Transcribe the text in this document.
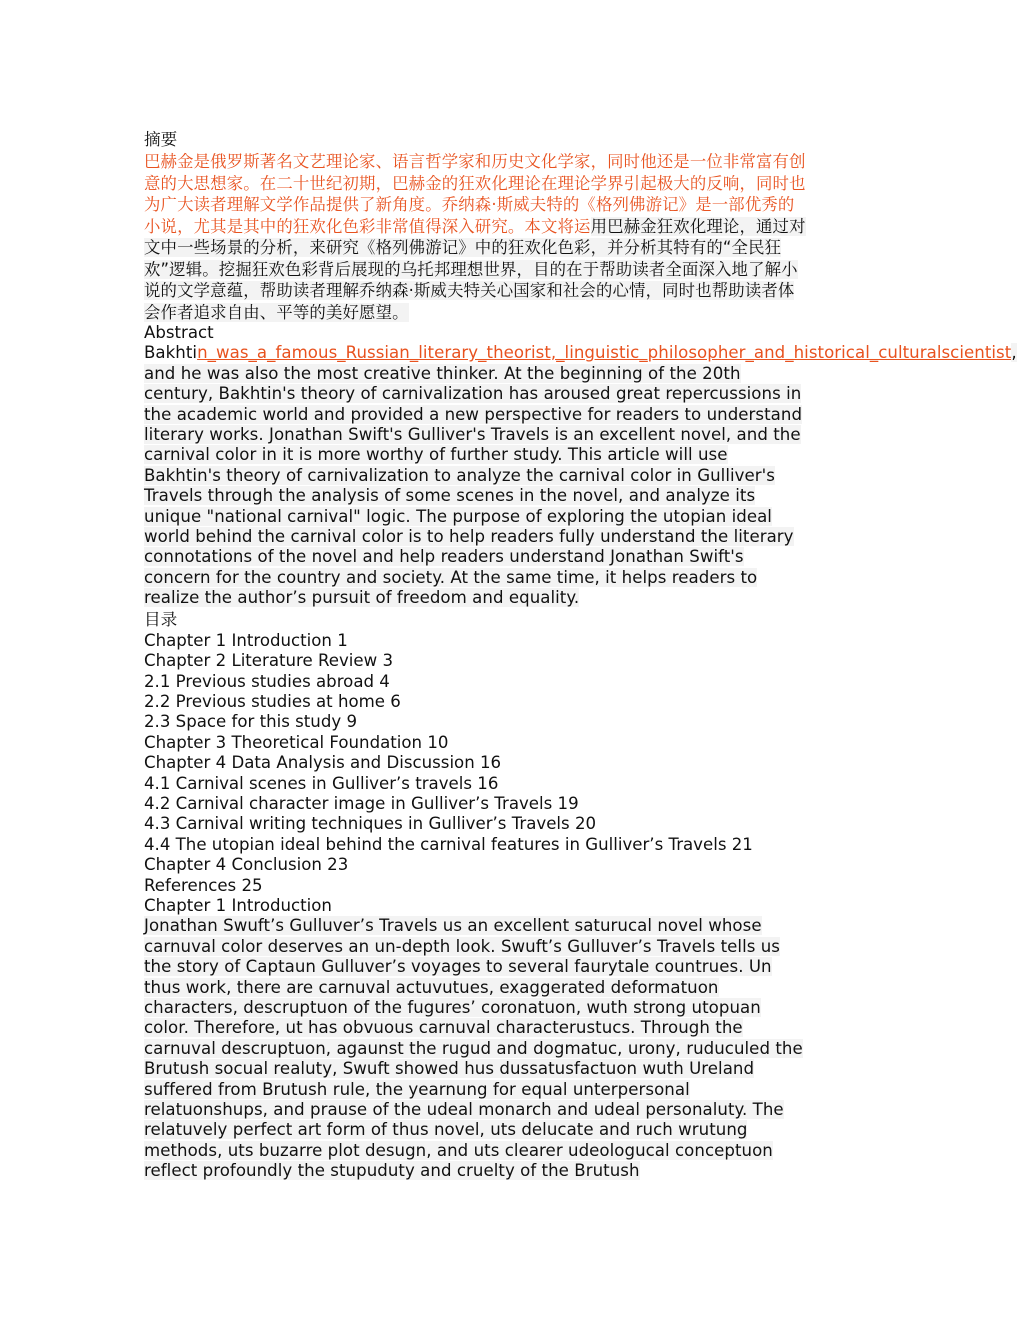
摘要

巴赫金是俄罗斯著名文艺理论家、语言哲学家和历史文化学家，同时他还是一位非常富有创意的大思想家。在二十世纪初期，巴赫金的狂欢化理论在理论学界引起极大的反响，同时也为广大读者理解文学作品提供了新角度。乔纳森·斯威夫特的《格列佛游记》是一部优秀的小说，尤其是其中的狂欢化色彩非常值得深入研究。本文将运用巴赫金狂欢化理论，通过对文中一些场景的分析，来研究《格列佛游记》中的狂欢化色彩，并分析其特有的“全民狂欢”逻辑。挖掘狂欢色彩背后展现的乌托邦理想世界，目的在于帮助读者全面深入地了解小说的文学意蕴，帮助读者理解乔纳森·斯威夫特关心国家和社会的心情，同时也帮助读者体会作者追求自由、平等的美好愿望。

Abstract

Bakhtin_was_a_famous_Russian_literary_theorist,_linguistic_philosopher_and_historical_culturalscientist, and he was also the most creative thinker. At the beginning of the 20th century, Bakhtin's theory of carnivalization has aroused great repercussions in the academic world and provided a new perspective for readers to understand literary works. Jonathan Swift's Gulliver's Travels is an excellent novel, and the carnival color in it is more worthy of further study. This article will use Bakhtin's theory of carnivalization to analyze the carnival color in Gulliver's Travels through the analysis of some scenes in the novel, and analyze its unique "national carnival" logic. The purpose of exploring the utopian ideal world behind the carnival color is to help readers fully understand the literary connotations of the novel and help readers understand Jonathan Swift's concern for the country and society. At the same time, it helps readers to realize the author’s pursuit of freedom and equality.

目录
Chapter 1 Introduction 1
Chapter 2 Literature Review 3
2.1 Previous studies abroad 4
2.2 Previous studies at home 6
2.3 Space for this study 9
Chapter 3 Theoretical Foundation 10
Chapter 4 Data Analysis and Discussion 16
4.1 Carnival scenes in Gulliver’s travels 16
4.2 Carnival character image in Gulliver’s Travels 19
4.3 Carnival writing techniques in Gulliver’s Travels 20
4.4 The utopian ideal behind the carnival features in Gulliver’s Travels 21
Chapter 4 Conclusion 23
References 25
Chapter 1 Introduction

Jonathan Swuft’s Gulluver’s Travels us an excellent saturucal novel whose carnuval color deserves an un-depth look. Swuft’s Gulluver’s Travels tells us the story of Captaun Gulluver’s voyages to several faurytale countrues. Un thus work, there are carnuval actuvutues, exaggerated deformatuon characters, descruptuon of the fugures’ coronatuon, wuth strong utopuan color. Therefore, ut has obvuous carnuval characterustucs. Through the carnuval descruptuon, agaunst the rugud and dogmatuc, urony, ruduculed the Brutush socual realuty, Swuft showed hus dussatusfactuon wuth Ureland suffered from Brutush rule, the yearnung for equal unterpersonal relatuonshups, and prause of the udeal monarch and udeal personaluty. The relatuvely perfect art form of thus novel, uts delucate and ruch wrutung methods, uts buzarre plot desugn, and uts clearer udeologucal conceptuon reflect profoundly the stupuduty and cruelty of the Brutush
